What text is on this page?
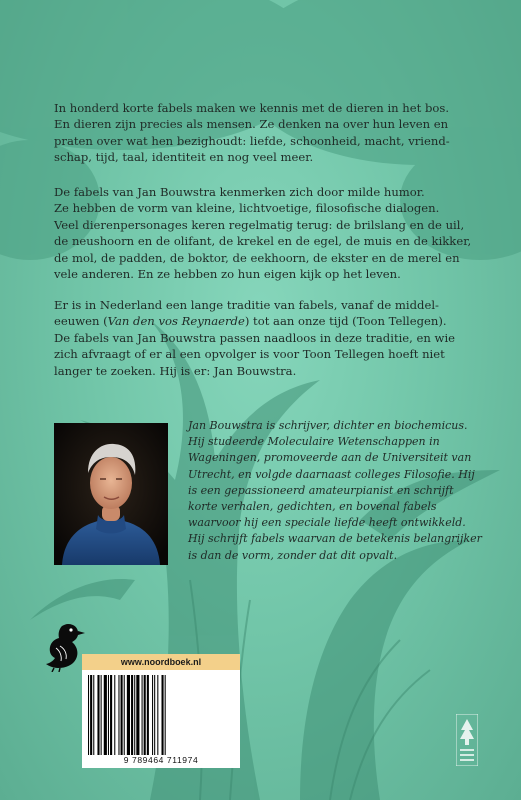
In honderd korte fabels maken we kennis met de dieren in het bos.
En dieren zijn precies als mensen. Ze denken na over hun leven en
praten over wat hen bezighoudt: liefde, schoonheid, macht, vriend-
schap, tijd, taal, identiteit en nog veel meer.

De fabels van Jan Bouwstra kenmerken zich door milde humor.
Ze hebben de vorm van kleine, lichtvoetige, filosofische dialogen.
Veel dierenpersonages keren regelmatig terug: de brilslang en de uil,
de neushoorn en de olifant, de krekel en de egel, de muis en de kikker,
de mol, de padden, de boktor, de eekhoorn, de ekster en de merel en
vele anderen. En ze hebben zo hun eigen kijk op het leven.

Er is in Nederland een lange traditie van fabels, vanaf de middel-
eeuwen (Van den vos Reynaerde) tot aan onze tijd (Toon Tellegen).
De fabels van Jan Bouwstra passen naadloos in deze traditie, en wie
zich afvraagt of er al een opvolger is voor Toon Tellegen hoeft niet
langer te zoeken. Hij is er: Jan Bouwstra.

Jan Bouwstra is schrijver, dichter en biochemicus.
Hij studeerde Moleculaire Wetenschappen in
Wageningen, promoveerde aan de Universiteit van
Utrecht, en volgde daarnaast colleges Filosofie. Hij
is een gepassioneerd amateurpianist en schrijft
korte verhalen, gedichten, en bovenal fabels
waarvoor hij een speciale liefde heeft ontwikkeld.
Hij schrijft fabels waarvan de betekenis belangrijker
is dan de vorm, zonder dat dit opvalt.
www.noordboek.nl
9 789464 711974
